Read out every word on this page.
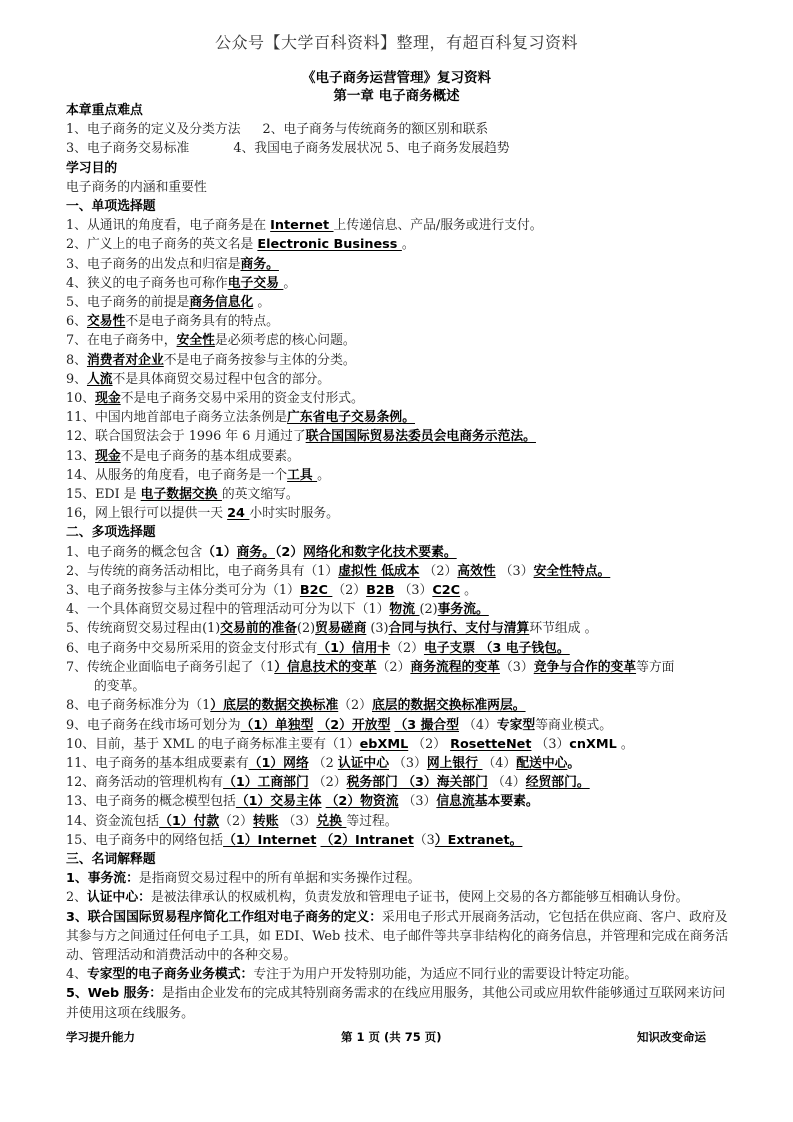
公众号【大学百科资料】整理，有超百科复习资料
《电子商务运营管理》复习资料
第一章 电子商务概述
本章重点难点
1、电子商务的定义及分类方法 2、电子商务与传统商务的额区别和联系
3、电子商务交易标准	4、我国电子商务发展状况 5、电子商务发展趋势
学习目的
电子商务的内涵和重要性
一、单项选择题
1、从通讯的角度看，电子商务是在 Internet 上传递信息、产品/服务或进行支付。
2、广义上的电子商务的英文名是 Electronic Business 。
3、电子商务的出发点和归宿是商务。
4、狭义的电子商务也可称作电子交易 。
5、电子商务的前提是商务信息化 。
6、交易性不是电子商务具有的特点。
7、在电子商务中，安全性是必须考虑的核心问题。
8、消费者对企业不是电子商务按参与主体的分类。
9、人流不是具体商贸交易过程中包含的部分。
10、现金不是电子商务交易中采用的资金支付形式。
11、中国内地首部电子商务立法条例是广东省电子交易条例。
12、联合国贸法会于 1996 年 6 月通过了联合国国际贸易法委员会电商务示范法。
13、现金不是电子商务的基本组成要素。
14、从服务的角度看，电子商务是一个工具 。
15、EDI 是 电子数据交换 的英文缩写。
16，网上银行可以提供一天 24 小时实时服务。
二、多项选择题
1、电子商务的概念包含（1）商务。（2）网络化和数字化技术要素。
2、与传统的商务活动相比，电子商务具有（1）虚拟性 低成本 （2）高效性 （3）安全性特点。
3、电子商务按参与主体分类可分为（1）B2C （2）B2B （3）C2C 。
4、一个具体商贸交易过程中的管理活动可分为以下（1）物流 (2)事务流。
5、传统商贸交易过程由(1)交易前的准备(2)贸易磋商 (3)合同与执行、支付与清算环节组成 。
6、电子商务中交易所采用的资金支付形式有（1）信用卡（2）电子支票 （3 电子钱包。
7、传统企业面临电子商务引起了（1）信息技术的变革（2）商务流程的变革（3）竞争与合作的变革等方面
的变革。
8、电子商务标准分为（1）底层的数据交换标准（2）底层的数据交换标准两层。
9、电子商务在线市场可划分为（1）单独型 （2）开放型 （3 撮合型 （4）专家型等商业模式。
10、目前，基于 XML 的电子商务标准主要有（1）ebXML （2） RosetteNet （3）cnXML 。
11、电子商务的基本组成要素有（1）网络 （2 认证中心 （3）网上银行 （4）配送中心。
12、商务活动的管理机构有（1）工商部门 （2）税务部门 （3）海关部门 （4）经贸部门。
13、电子商务的概念模型包括（1）交易主体 （2）物资流 （3）信息流基本要素。
14、资金流包括（1）付款（2）转账 （3）兑换 等过程。
15、电子商务中的网络包括（1）Internet （2）Intranet（3）Extranet。
三、名词解释题
1、事务流：是指商贸交易过程中的所有单据和实务操作过程。
2、认证中心：是被法律承认的权威机构，负责发放和管理电子证书，使网上交易的各方都能够互相确认身份。
3、联合国国际贸易程序简化工作组对电子商务的定义：采用电子形式开展商务活动，它包括在供应商、客户、政府及其参与方之间通过任何电子工具，如 EDI、Web 技术、电子邮件等共享非结构化的商务信息，并管理和完成在商务活动、管理活动和消费活动中的各种交易。
4、专家型的电子商务业务模式：专注于为用户开发特别功能，为适应不同行业的需要设计特定功能。
5、Web 服务：是指由企业发布的完成其特别商务需求的在线应用服务，其他公司或应用软件能够通过互联网来访问并使用这项在线服务。
学习提升能力	第 1 页 (共 75 页)	知识改变命运
